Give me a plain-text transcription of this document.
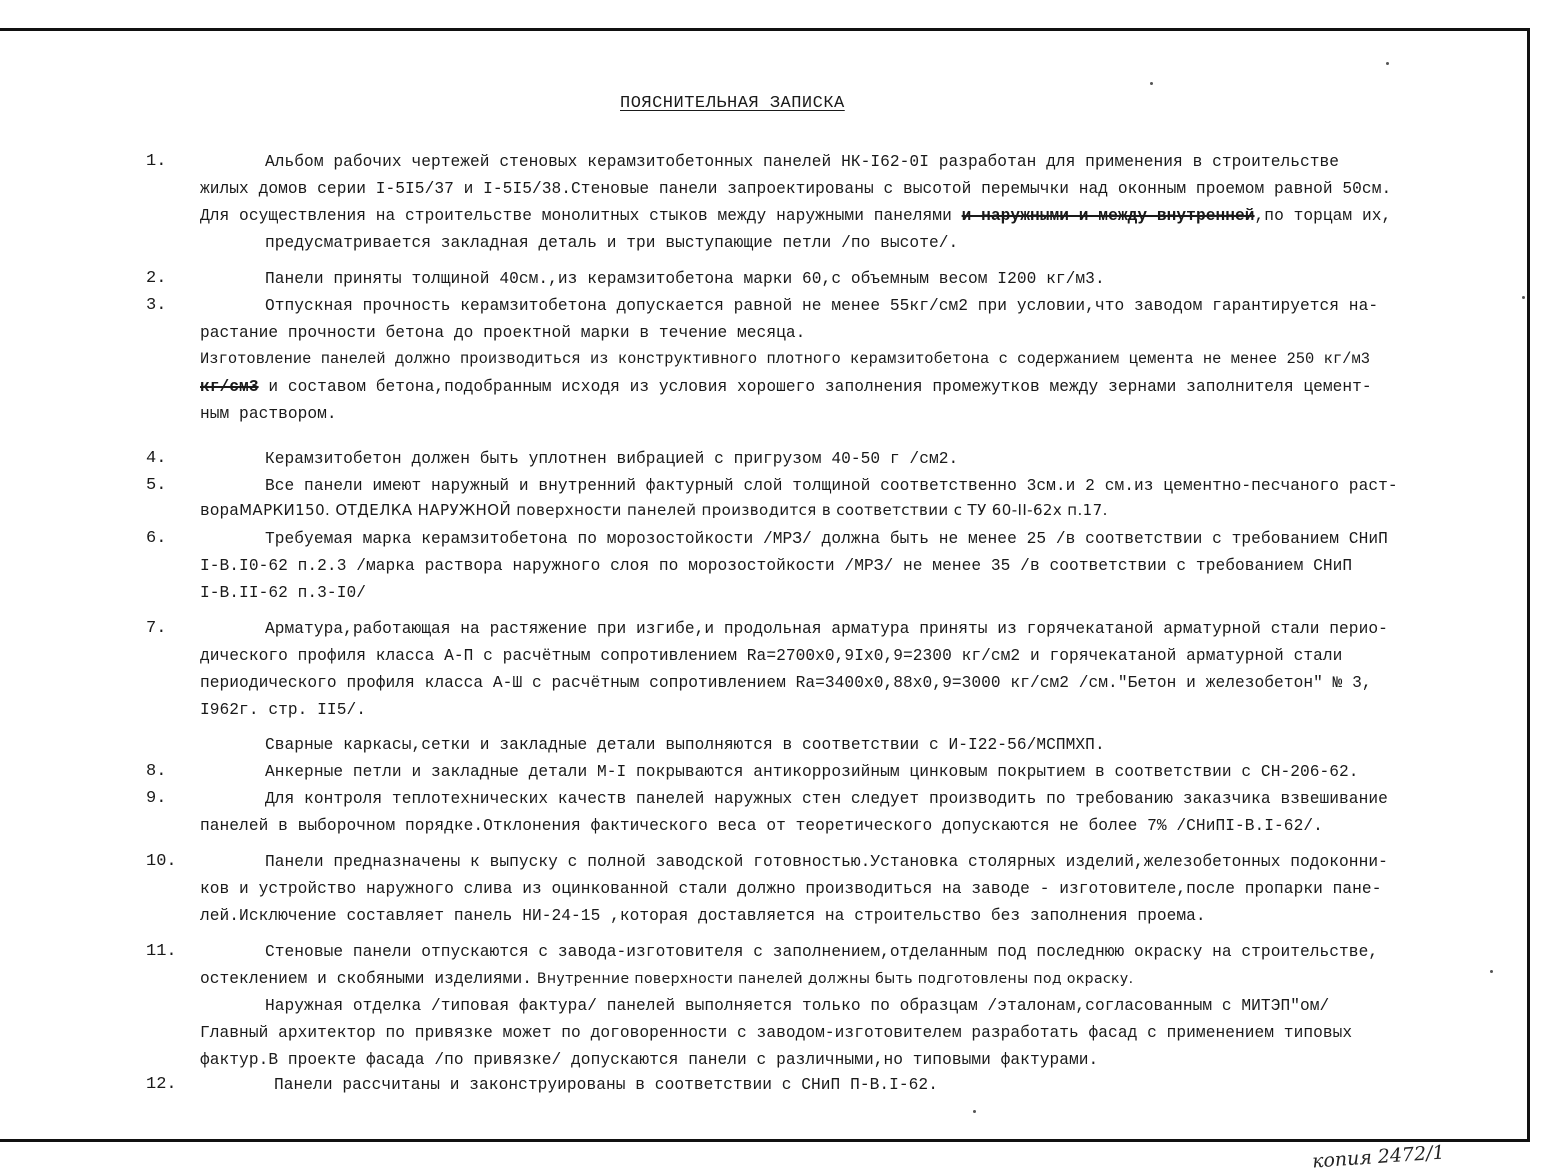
ПОЯСНИТЕЛЬНАЯ ЗАПИСКА
1.
2.
3.
4.
5.
6.
7.
8.
9.
10.
11.
12.
Альбом рабочих чертежей стеновых керамзитобетонных панелей НК-I62-0I разработан для применения в строительстве
жилых домов серии I-5I5/37 и I-5I5/38.Стеновые панели запроектированы с высотой перемычки над оконным проемом равной 50см.
Для осуществления на строительстве монолитных стыков между наружными панелями и наружными и между внутренней,по торцам их,
предусматривается закладная деталь и три выступающие петли /по высоте/.
Панели приняты толщиной 40см.,из керамзитобетона марки 60,с объемным весом I200 кг/м3.
Отпускная прочность керамзитобетона допускается равной не менее 55кг/см2 при условии,что заводом гарантируется на-
растание прочности бетона до проектной марки в течение месяца.
Изготовление панелей должно производиться из конструктивного плотного керамзитобетона с содержанием цемента не менее 250 кг/м3
кг/см3 и составом бетона,подобранным исходя из условия хорошего заполнения промежутков между зернами заполнителя цемент-
ным раствором.
Керамзитобетон должен быть уплотнен вибрацией с пригрузом 40-50 г /см2.
Все панели имеют наружный и внутренний фактурный слой толщиной соответственно 3см.и 2 см.из цементно-песчаного раст-
вораМАРКИ150. ОТДЕЛКА НАРУЖНОЙ поверхности панелей производится в соответствии с ТУ 60-II-62х п.17.
Требуемая марка керамзитобетона по морозостойкости /МРЗ/ должна быть не менее 25 /в соответствии с требованием СНиП
I-В.I0-62 п.2.3 /марка раствора наружного слоя по морозостойкости /МРЗ/ не менее 35 /в соответствии с требованием СНиП
I-В.II-62 п.3-I0/
Арматура,работающая на растяжение при изгибе,и продольная арматура приняты из горячекатаной арматурной стали перио-
дического профиля класса А-П с расчётным сопротивлением Rа=2700x0,9Ix0,9=2300 кг/см2 и горячекатаной арматурной стали
периодического профиля класса А-Ш с расчётным сопротивлением Rа=3400x0,88x0,9=3000 кг/см2 /см."Бетон и железобетон" № 3,
I962г. стр. II5/.
Сварные каркасы,сетки и закладные детали выполняются в соответствии с И-I22-56/МСПМХП.
Анкерные петли и закладные детали М-I покрываются антикоррозийным цинковым покрытием в соответствии с СН-206-62.
Для контроля теплотехнических качеств панелей наружных стен следует производить по требованию заказчика взвешивание
панелей в выборочном порядке.Отклонения фактического веса от теоретического допускаются не более 7% /СНиПI-В.I-62/.
Панели предназначены к выпуску с полной заводской готовностью.Установка столярных изделий,железобетонных подоконни-
ков и устройство наружного слива из оцинкованной стали должно производиться на заводе - изготовителе,после пропарки пане-
лей.Исключение составляет панель НИ-24-15 ,которая доставляется на строительство без заполнения проема.
Стеновые панели отпускаются с завода-изготовителя с заполнением,отделанным под последнюю окраску на строительстве,
остеклением и скобяными изделиями. Внутренние поверхности панелей должны быть подготовлены под окраску.
Наружная отделка /типовая фактура/ панелей выполняется только по образцам /эталонам,согласованным с МИТЭП"ом/
Главный архитектор по привязке может по договоренности с заводом-изготовителем разработать фасад с применением типовых
фактур.В проекте фасада /по привязке/ допускаются панели с различными,но типовыми фактурами.
Панели рассчитаны и законструированы в соответствии с СНиП П-В.I-62.
копия 2472/1
